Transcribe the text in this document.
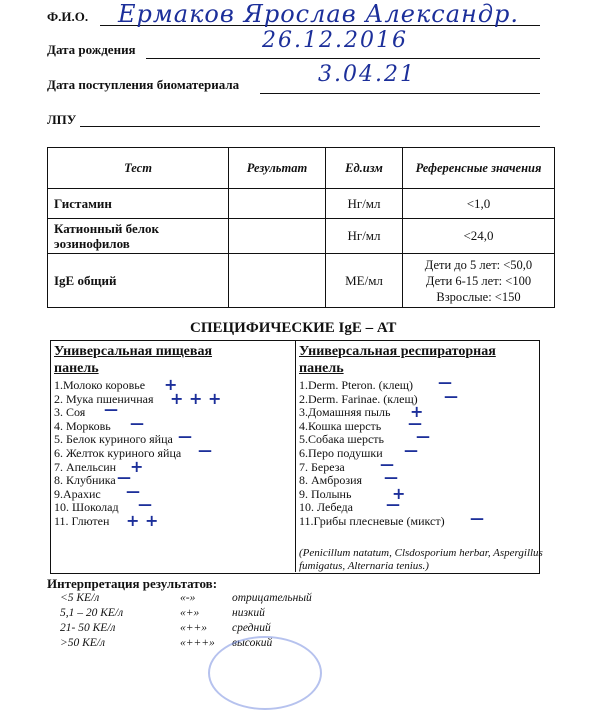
Ф.И.О. Ермаков Ярослав Александр.
Дата рождения	26.12.2016
Дата поступления биоматериала	3.04.21
ЛПУ
Тест	Результат	Ед.изм	Референсные значения
Гистамин		Нг/мл	<1,0
Катионный белок эозинофилов		Нг/мл	<24,0
IgE общий		МЕ/мл	Дети до 5 лет: <50,0
Дети 6-15 лет: <100
Взрослые: <150
СПЕЦИФИЧЕСКИЕ IgE – АТ
Универсальная пищевая
панель
1.Молоко коровье +
2. Мука пшеничная + + +
3. Соя —
4. Морковь —
5. Белок куриного яйца —
6. Желток куриного яйца —
7. Апельсин +
8. Клубника —
9.Арахис —
10. Шоколад —
11. Глютен + +
Универсальная респираторная
панель
1.Derm. Pteron. (клещ) —
2.Derm. Farinae. (клещ) —
3.Домашняя пыль +
4.Кошка шерсть —
5.Собака шерсть —
6.Перо подушки —
7. Береза	—
8. Амброзия —
9. Полынь	+
10. Лебеда —
11.Грибы плесневые (микст) —
(Penicillum natatum, Clsdosporium herbar, Aspergillus
fumigatus, Alternaria tenius.)
Интерпретация результатов:
<5 КЕ/л	«-»	отрицательный
5,1 – 20 КЕ/л	«+»	низкий
21- 50 КЕ/л	«++» средний
>50 КЕ/л	«+++» высокий
